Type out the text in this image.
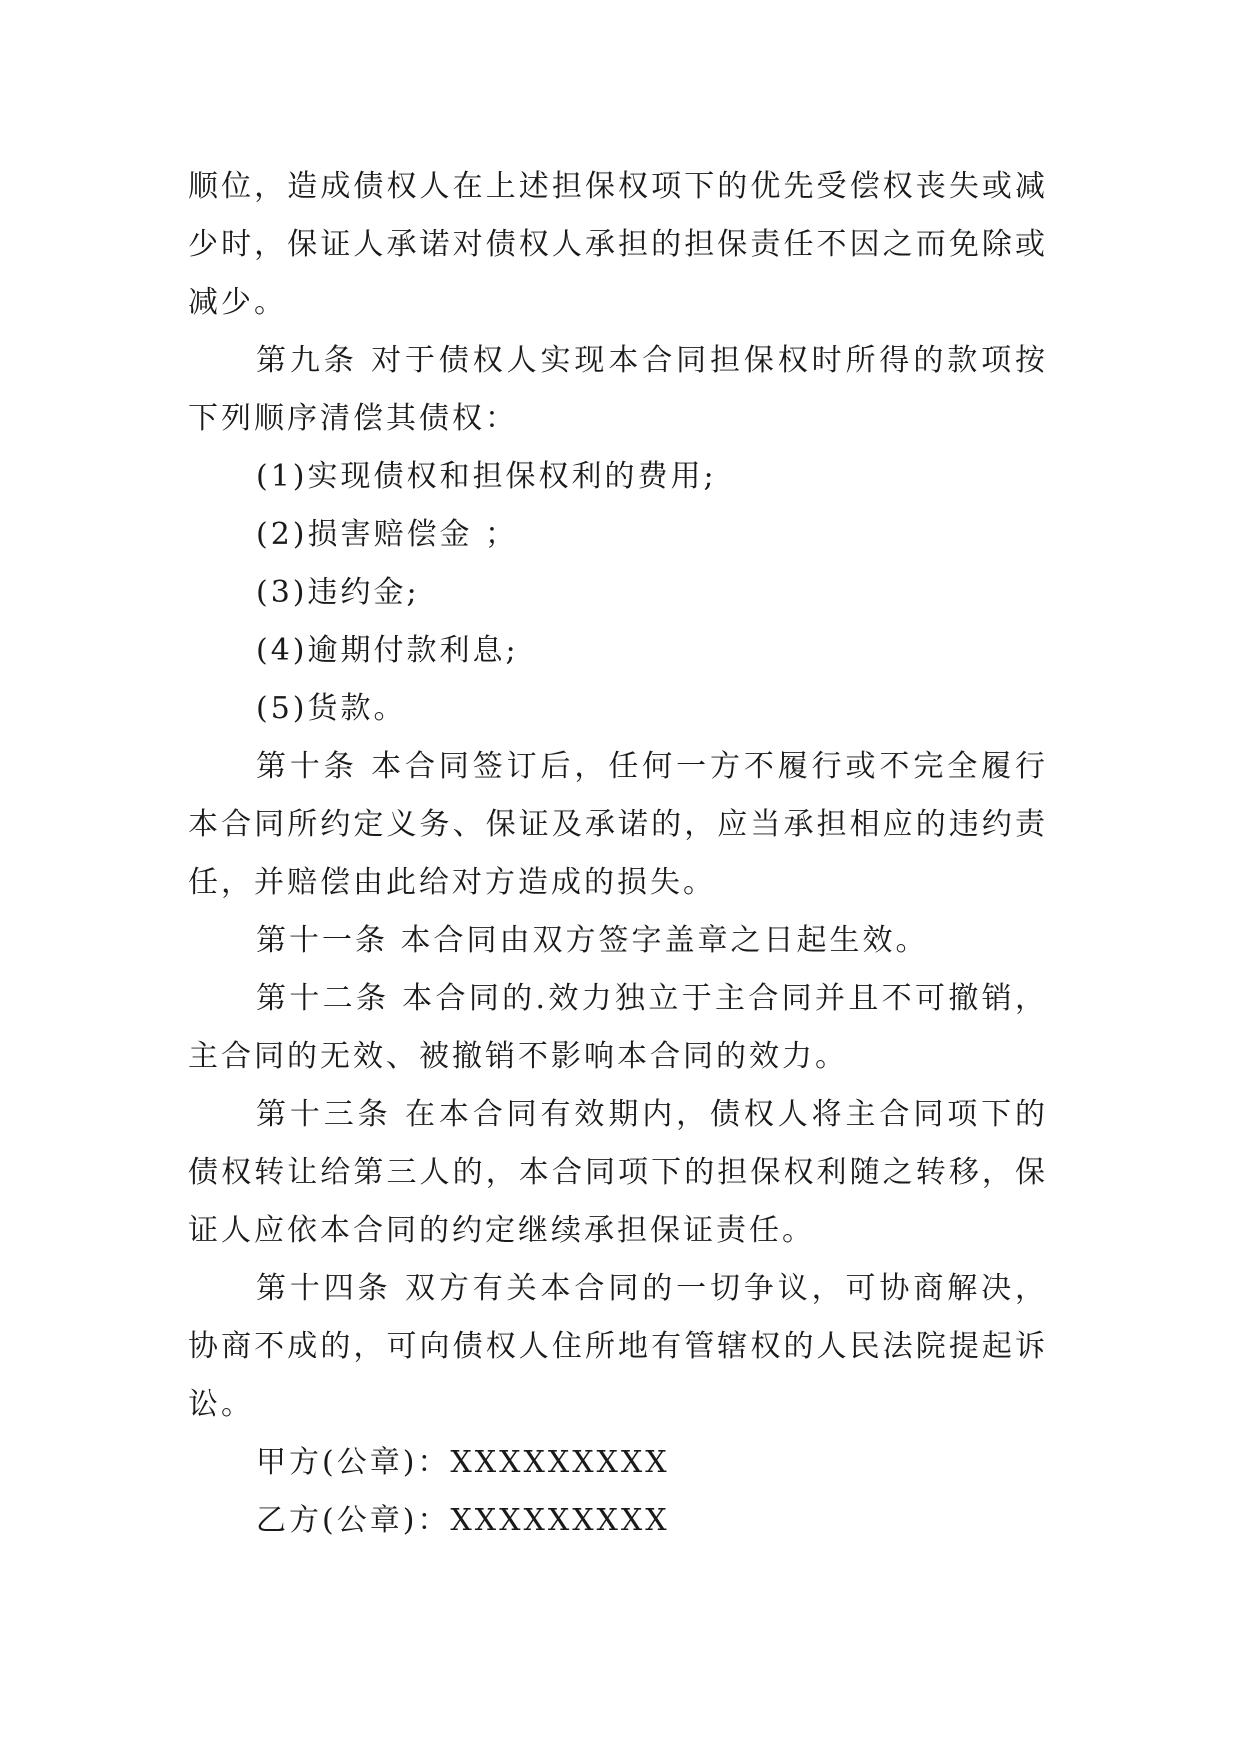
顺位，造成债权人在上述担保权项下的优先受偿权丧失或减少时，保证人承诺对债权人承担的担保责任不因之而免除或减少。

第九条 对于债权人实现本合同担保权时所得的款项按下列顺序清偿其债权：

(1)实现债权和担保权利的费用;

(2)损害赔偿金 ；

(3)违约金;

(4)逾期付款利息;

(5)货款。

第十条 本合同签订后，任何一方不履行或不完全履行本合同所约定义务、保证及承诺的，应当承担相应的违约责任，并赔偿由此给对方造成的损失。

第十一条 本合同由双方签字盖章之日起生效。

第十二条 本合同的.效力独立于主合同并且不可撤销，主合同的无效、被撤销不影响本合同的效力。

第十三条 在本合同有效期内，债权人将主合同项下的债权转让给第三人的，本合同项下的担保权利随之转移，保证人应依本合同的约定继续承担保证责任。

第十四条 双方有关本合同的一切争议，可协商解决，协商不成的，可向债权人住所地有管辖权的人民法院提起诉讼。

甲方(公章)：XXXXXXXXX

乙方(公章)：XXXXXXXXX
